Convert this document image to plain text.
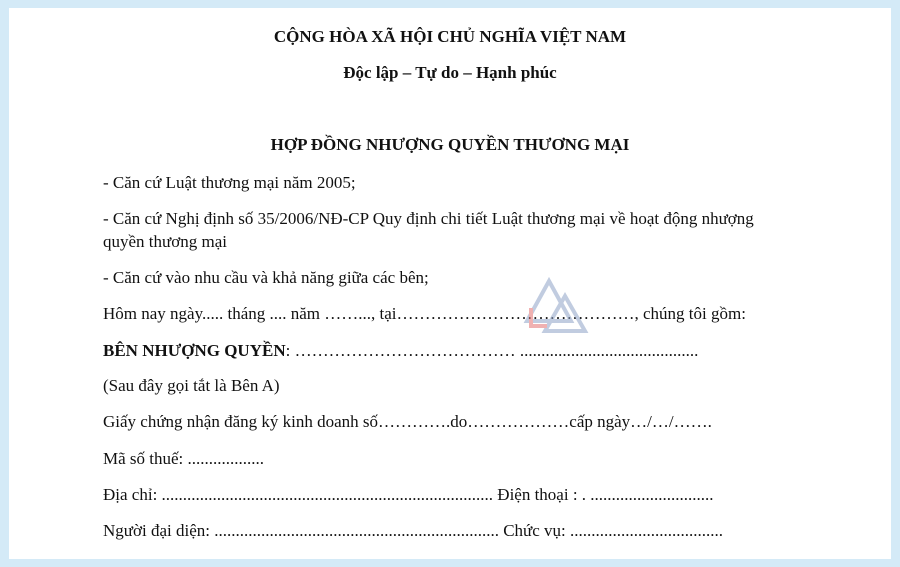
CỘNG HÒA XÃ HỘI CHỦ NGHĨA VIỆT NAM
Độc lập – Tự do – Hạnh phúc
HỢP ĐỒNG NHƯỢNG QUYỀN THƯƠNG MẠI
- Căn cứ Luật thương mại năm 2005;
- Căn cứ Nghị định số 35/2006/NĐ-CP Quy định chi tiết Luật thương mại về hoạt động nhượng
quyền thương mại
- Căn cứ vào nhu cầu và khả năng giữa các bên;
Hôm nay ngày..... tháng .... năm ……..., tại……………………………………, chúng tôi gồm:
BÊN NHƯỢNG QUYỀN: ………………………………… ..........................................
(Sau đây gọi tắt là Bên A)
Giấy chứng nhận đăng ký kinh doanh số………….do………………cấp ngày…/…/…….
Mã số thuế: ..................
Địa chỉ: .............................................................................. Điện thoại : . .............................
Người đại diện: ................................................................... Chức vụ: ....................................
